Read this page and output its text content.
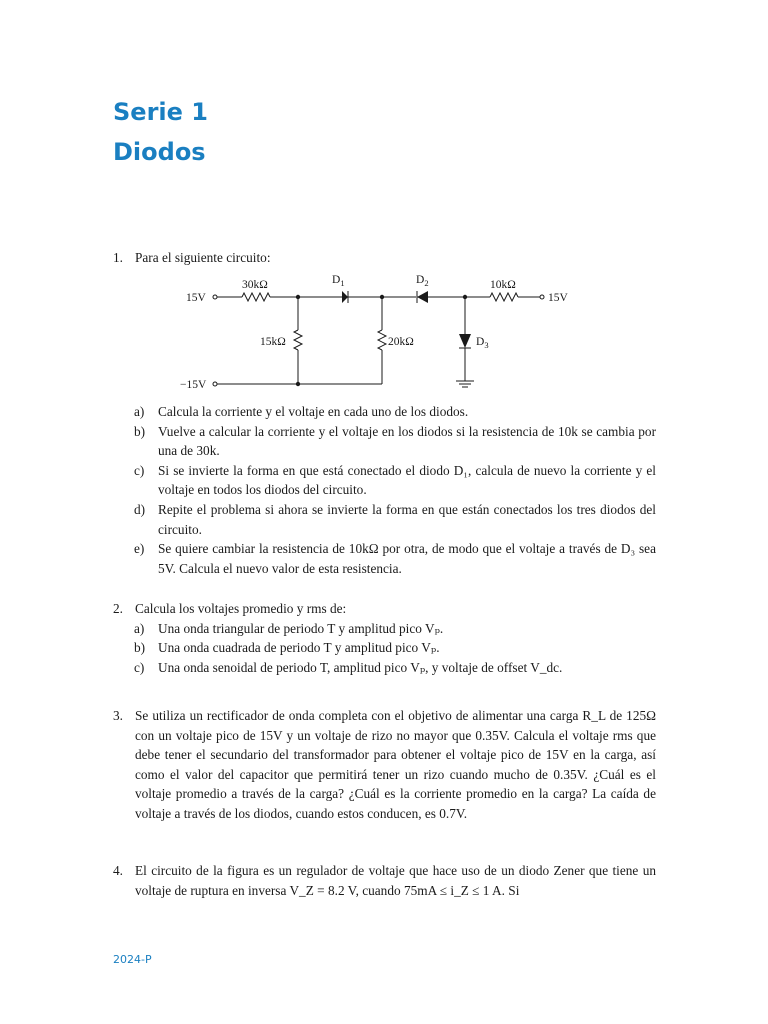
Serie 1
Diodos
1. Para el siguiente circuito:
15V
−15V
15V
30kΩ
15kΩ	20kΩ
10kΩ
$D_1$	$D_2$
$D_3$
a) Calcula la corriente y el voltaje en cada uno de los diodos.
b) Vuelve a calcular la corriente y el voltaje en los diodos si la resistencia de 10k se cambia por una de 30k.
c) Si se invierte la forma en que está conectado el diodo D₁, calcula de nuevo la corriente y el voltaje en todos los diodos del circuito.
d) Repite el problema si ahora se invierte la forma en que están conectados los tres diodos del circuito.
e) Se quiere cambiar la resistencia de 10kΩ por otra, de modo que el voltaje a través de D₃ sea 5V. Calcula el nuevo valor de esta resistencia.
2. Calcula los voltajes promedio y rms de:
a) Una onda triangular de periodo T y amplitud pico Vₚ.
b) Una onda cuadrada de periodo T y amplitud pico Vₚ.
c) Una onda senoidal de periodo T, amplitud pico Vₚ, y voltaje de offset V_dc.
3. Se utiliza un rectificador de onda completa con el objetivo de alimentar una carga R_L de 125Ω con un voltaje pico de 15V y un voltaje de rizo no mayor que 0.35V. Calcula el voltaje rms que debe tener el secundario del transformador para obtener el voltaje pico de 15V en la carga, así como el valor del capacitor que permitirá tener un rizo cuando mucho de 0.35V. ¿Cuál es el voltaje promedio a través de la carga? ¿Cuál es la corriente promedio en la carga? La caída de voltaje a través de los diodos, cuando estos conducen, es 0.7V.
4. El circuito de la figura es un regulador de voltaje que hace uso de un diodo Zener que tiene un voltaje de ruptura en inversa V_Z = 8.2 V, cuando 75mA ≤ i_Z ≤ 1 A. Si
2024-P
